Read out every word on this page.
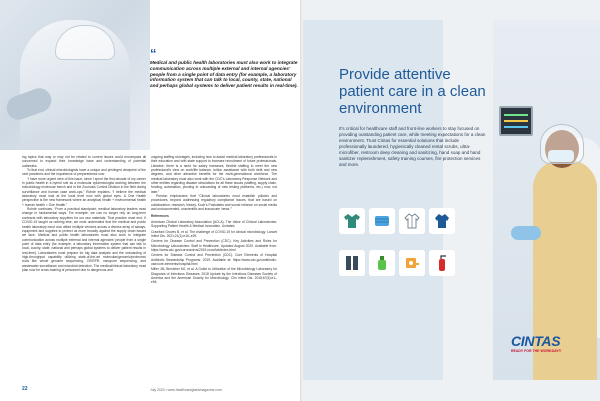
“

Medical and public health laboratories must also work to integrate communication across multiple external and internal agencies’ people from a single point of data entry (for example, a laboratory information system that can talk to local, county, state, national and perhaps global systems to deliver patient results in real-time).

ing topics that may or may not be related to current issues could encompass all concerned to expand their knowledge base and understanding of potential outbreaks.

To that end, clinical microbiologists have a unique and privileged viewpoint of the next pandemic and the importance of preparedness now.

“I have more urgent view of this issue, since I spent the first decade of my career in public health in a hybrid role as a molecular epidemiologist working between the microbiology molecular bench and in the Zoonosis Control Division in the field during surveillance and human case work-ups,” Rohde explains. “I believe the medical laboratory must look at the local level now with global eyes. A One Health perspective is the new framework where an analytical health + environmental health + human health = One Health.”

Rohde continues, “From a practical standpoint, medical laboratory leaders must change in fundamental ways. For example, we can no longer rely on long-term contracts with laboratory suppliers for our raw materials. That practice must end. If COVID-19 taught us nothing else, we must understand that the medical and public health laboratory must now utilize multiple vendors across a diverse array of assays, equipment and supplies to protect us more broadly against the supply chain issues we face. Medical and public health laboratories must also work to integrate communication across multiple external and internal agencies’ people from a single point of data entry (for example, a laboratory information system that can talk to local, county, state, national and perhaps global systems to deliver patient results in real-time). Laboratories must prepare for big data analysis and the onboarding of high-throughput capability utilizing state-of-the-art molecular/genomic/proteomic tools like whole genome sequencing, CRISPR, nanopore sequencing, and wastewater surveillance and microbial detection. The medical/clinical laboratory must plan now for cross-training of personnel due to dangerous and

ongoing staffing shortages, including how to assist medical laboratory professionals in their education and with state support to increase recruitment of future professionals. Likewise, there is a need for salary increases, flexible staffing to meet the new professional's view on work/life balance, tuition assistance with both debt and new degrees, and other attractive benefits for the multi-generational workforce. The medical laboratory must also work with the CDC's Laboratory Response Network and other entities regarding disaster simulations for all these issues (staffing, supply chain, funding, automation, pivoting to onboarding of new testing platforms, etc.) now, not later.”

Preston emphasizes that “Clinical laboratories must establish policies and procedures, beyond addressing regulatory compliance issues, that are based on collaboration, research, history, Koch's Postulates and sound reliance on social media and undocumented, unscientific and inaccurate ‘news.’”

References

American Clinical Laboratory Association (ACLA). The Value of Clinical Laboratories: Supporting Patient Health & Medical Innovation. Undated.

Crawford Groves B, et al. The challenge of COVID-19 for clinical microbiology. Lancet Infect Dis. 2021;21(1):e16–e29.

Centers for Disease Control and Prevention (CDC). Key Activities and Roles for Microbiology Laboratories: Staff in Healthcare. Updated August 2020. Available from: https://www.cdc.gov/coronavirus/2019-ncov/lab/index.html

Centers for Disease Control and Prevention (CDC). Core Elements of Hospital Antibiotic Stewardship Programs: 2019. Available at: https://www.cdc.gov/antibiotic-use/core-elements/hospital.html

Miller JM, Binnicker MJ, et al. A Guide to Utilization of the Microbiology Laboratory for Diagnosis of Infectious Diseases: 2018 Update by the Infectious Diseases Society of America and the American Society for Microbiology. Clin Infect Dis. 2018;67(6):e1–e94.

22	July 2023 ▪ www.healthcareglabsmagazine.com
Provide attentive patient care in a clean environment

It's critical for healthcare staff and front-line workers to stay focused on providing outstanding patient care, while meeting expectations for a clean environment. Trust Cintas for essential solutions that include professionally laundered, hygienically cleaned rental scrubs, ultra-microfiber, restroom deep cleaning and sanitizing, hand soap and hand sanitizer replenishment, safety training courses, fire protection services and more.

CINTAS
READY FOR THE WORKDAY®
